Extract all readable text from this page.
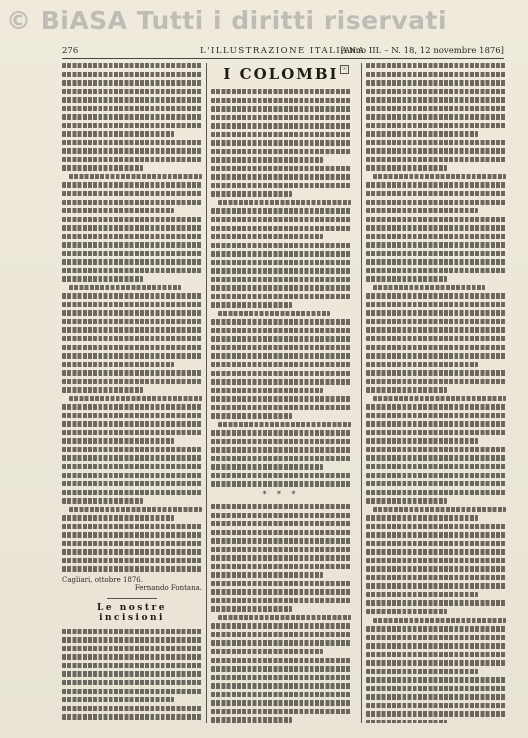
© BiASA Tutti i diritti riservati
276	L'ILLUSTRAZIONE ITALIANA
[Anno III. – N. 18, 12 novembre 1876]
Cagliari, ottobre 1876.
Fernando Fontana.
Le nostre incisioni
I COLOMBI ☉
* * *
